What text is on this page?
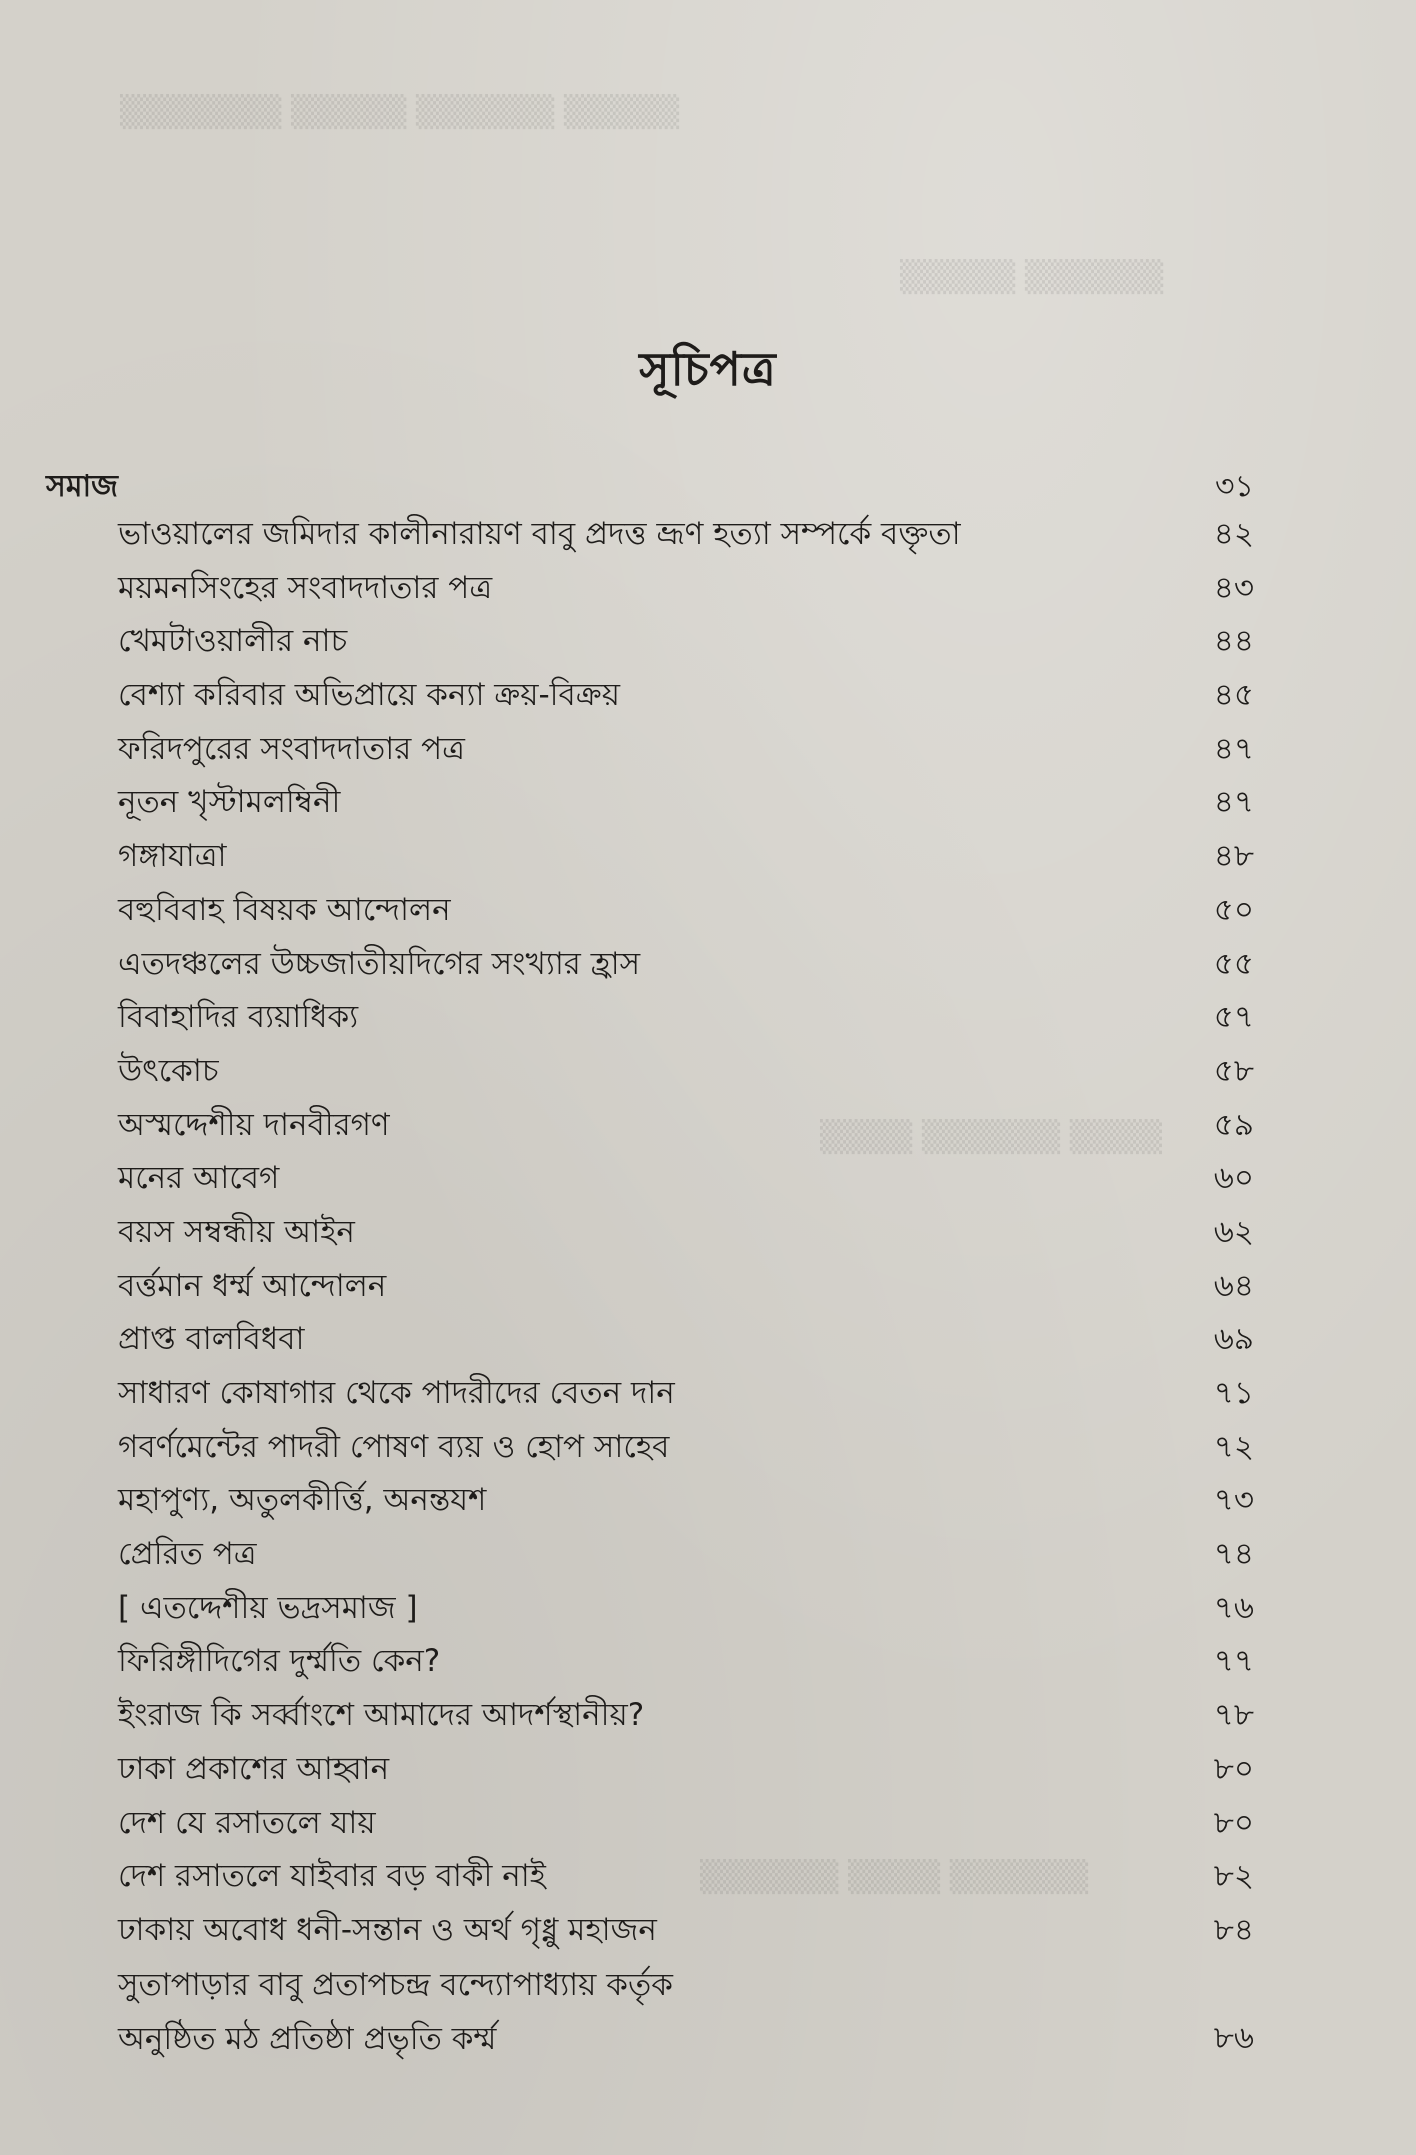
▒▒▒▒▒▒▒ ▒▒▒▒▒ ▒▒▒▒▒▒ ▒▒▒▒▒
▒▒▒▒▒ ▒▒▒▒▒▒
▒▒▒▒ ▒▒▒▒▒▒ ▒▒▒▒
▒▒▒▒▒▒ ▒▒▒▒ ▒▒▒▒▒▒
সূচিপত্র
সমাজ	৩১
ভাওয়ালের জমিদার কালীনারায়ণ বাবু প্রদত্ত ভ্রূণ হত্যা সম্পর্কে বক্তৃতা	৪২
ময়মনসিংহের সংবাদদাতার পত্র	৪৩
খেমটাওয়ালীর নাচ	৪৪
বেশ্যা করিবার অভিপ্রায়ে কন্যা ক্রয়-বিক্রয়	৪৫
ফরিদপুরের সংবাদদাতার পত্র	৪৭
নূতন খৃস্টামলম্বিনী	৪৭
গঙ্গাযাত্রা	৪৮
বহুবিবাহ বিষয়ক আন্দোলন	৫০
এতদঞ্চলের উচ্চজাতীয়দিগের সংখ্যার হ্রাস	৫৫
বিবাহাদির ব্যয়াধিক্য	৫৭
উৎকোচ	৫৮
অস্মদ্দেশীয় দানবীরগণ	৫৯
মনের আবেগ	৬০
বয়স সম্বন্ধীয় আইন	৬২
বর্ত্তমান ধর্ম্ম আন্দোলন	৬৪
প্রাপ্ত বালবিধবা	৬৯
সাধারণ কোষাগার থেকে পাদরীদের বেতন দান	৭১
গবর্ণমেন্টের পাদরী পোষণ ব্যয় ও হোপ সাহেব	৭২
মহাপুণ্য, অতুলকীর্ত্তি, অনন্তযশ	৭৩
প্রেরিত পত্র	৭৪
[ এতদ্দেশীয় ভদ্রসমাজ ]	৭৬
ফিরিঙ্গীদিগের দুর্ম্মতি কেন?	৭৭
ইংরাজ কি সর্ব্বাংশে আমাদের আদর্শস্থানীয়?	৭৮
ঢাকা প্রকাশের আহ্বান	৮০
দেশ যে রসাতলে যায়	৮০
দেশ রসাতলে যাইবার বড় বাকী নাই	৮২
ঢাকায় অবোধ ধনী-সন্তান ও অর্থ গৃধ্নু মহাজন	৮৪
সুতাপাড়ার বাবু প্রতাপচন্দ্র বন্দ্যোপাধ্যায় কর্তৃক
অনুষ্ঠিত মঠ প্রতিষ্ঠা প্রভৃতি কর্ম্ম	৮৬
